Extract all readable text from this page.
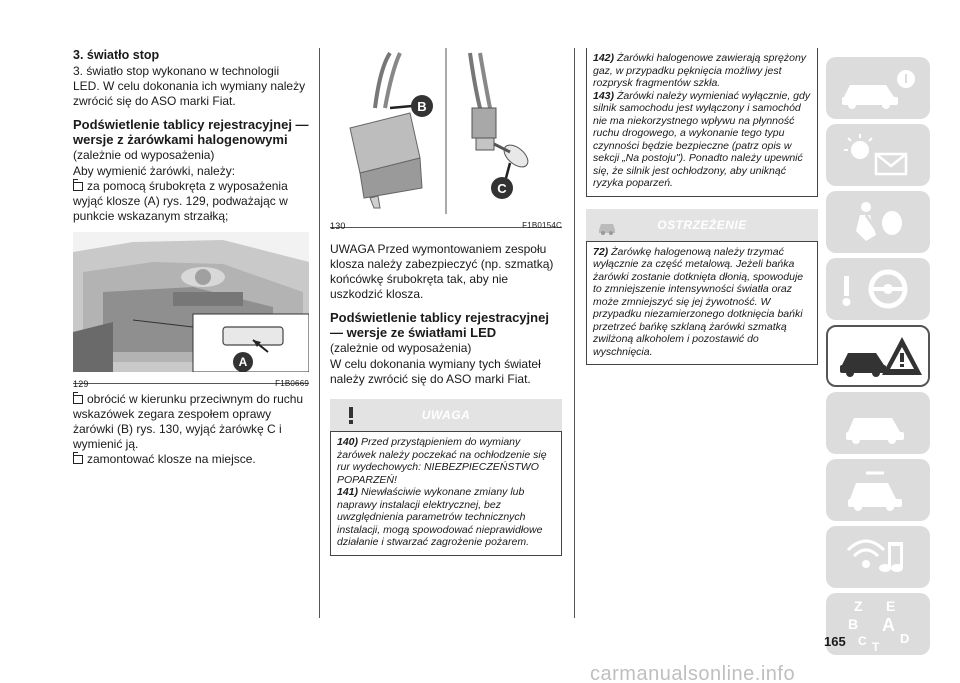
3. światło stop
3. światło stop wykonano w technologii LED. W celu dokonania ich wymiany należy zwrócić się do ASO marki Fiat.
Podświetlenie tablicy rejestracyjnej — wersje z żarówkami halogenowymi
(zależnie od wyposażenia)
Aby wymienić żarówki, należy:
za pomocą śrubokręta z wyposażenia wyjąć klosze (A) rys. 129, podważając w punkcie wskazanym strzałką;
A
129	F1B0669
obrócić w kierunku przeciwnym do ruchu wskazówek zegara zespołem oprawy żarówki (B) rys. 130, wyjąć żarówkę C i wymienić ją.
zamontować klosze na miejsce.
B
C
130	F1B0154C
UWAGA Przed wymontowaniem zespołu klosza należy zabezpieczyć (np. szmatką) końcówkę śrubokręta tak, aby nie uszkodzić klosza.
Podświetlenie tablicy rejestracyjnej — wersje ze światłami LED
(zależnie od wyposażenia)
W celu dokonania wymiany tych świateł należy zwrócić się do ASO marki Fiat.
UWAGA

140) Przed przystąpieniem do wymiany żarówek należy poczekać na ochłodzenie się rur wydechowych: NIEBEZPIECZEŃSTWO POPARZEŃ!

141) Niewłaściwie wykonane zmiany lub naprawy instalacji elektrycznej, bez uwzględnienia parametrów technicznych instalacji, mogą spowodować nieprawidłowe działanie i stwarzać zagrożenie pożarem.

142) Żarówki halogenowe zawierają sprężony gaz, w przypadku pęknięcia możliwy jest rozprysk fragmentów szkła.

143) Żarówki należy wymieniać wyłącznie, gdy silnik samochodu jest wyłączony i samochód nie ma niekorzystnego wpływu na płynność ruchu drogowego, a wykonanie tego typu czynności będzie bezpieczne (patrz opis w sekcji „Na postoju"). Ponadto należy upewnić się, że silnik jest ochłodzony, aby uniknąć ryzyka poparzeń.

OSTRZEŻENIE

72) Żarówkę halogenową należy trzymać wyłącznie za część metalową. Jeżeli bańka żarówki zostanie dotknięta dłonią, spowoduje to zmniejszenie intensywności światła oraz może zmniejszyć się jej żywotność. W przypadku niezamierzonego dotknięcia bańki przetrzeć bańkę szklaną żarówki szmatką zwilżoną alkoholem i pozostawić do wyschnięcia.

Z E
B A
C T
D
165
carmanualsonline.info
